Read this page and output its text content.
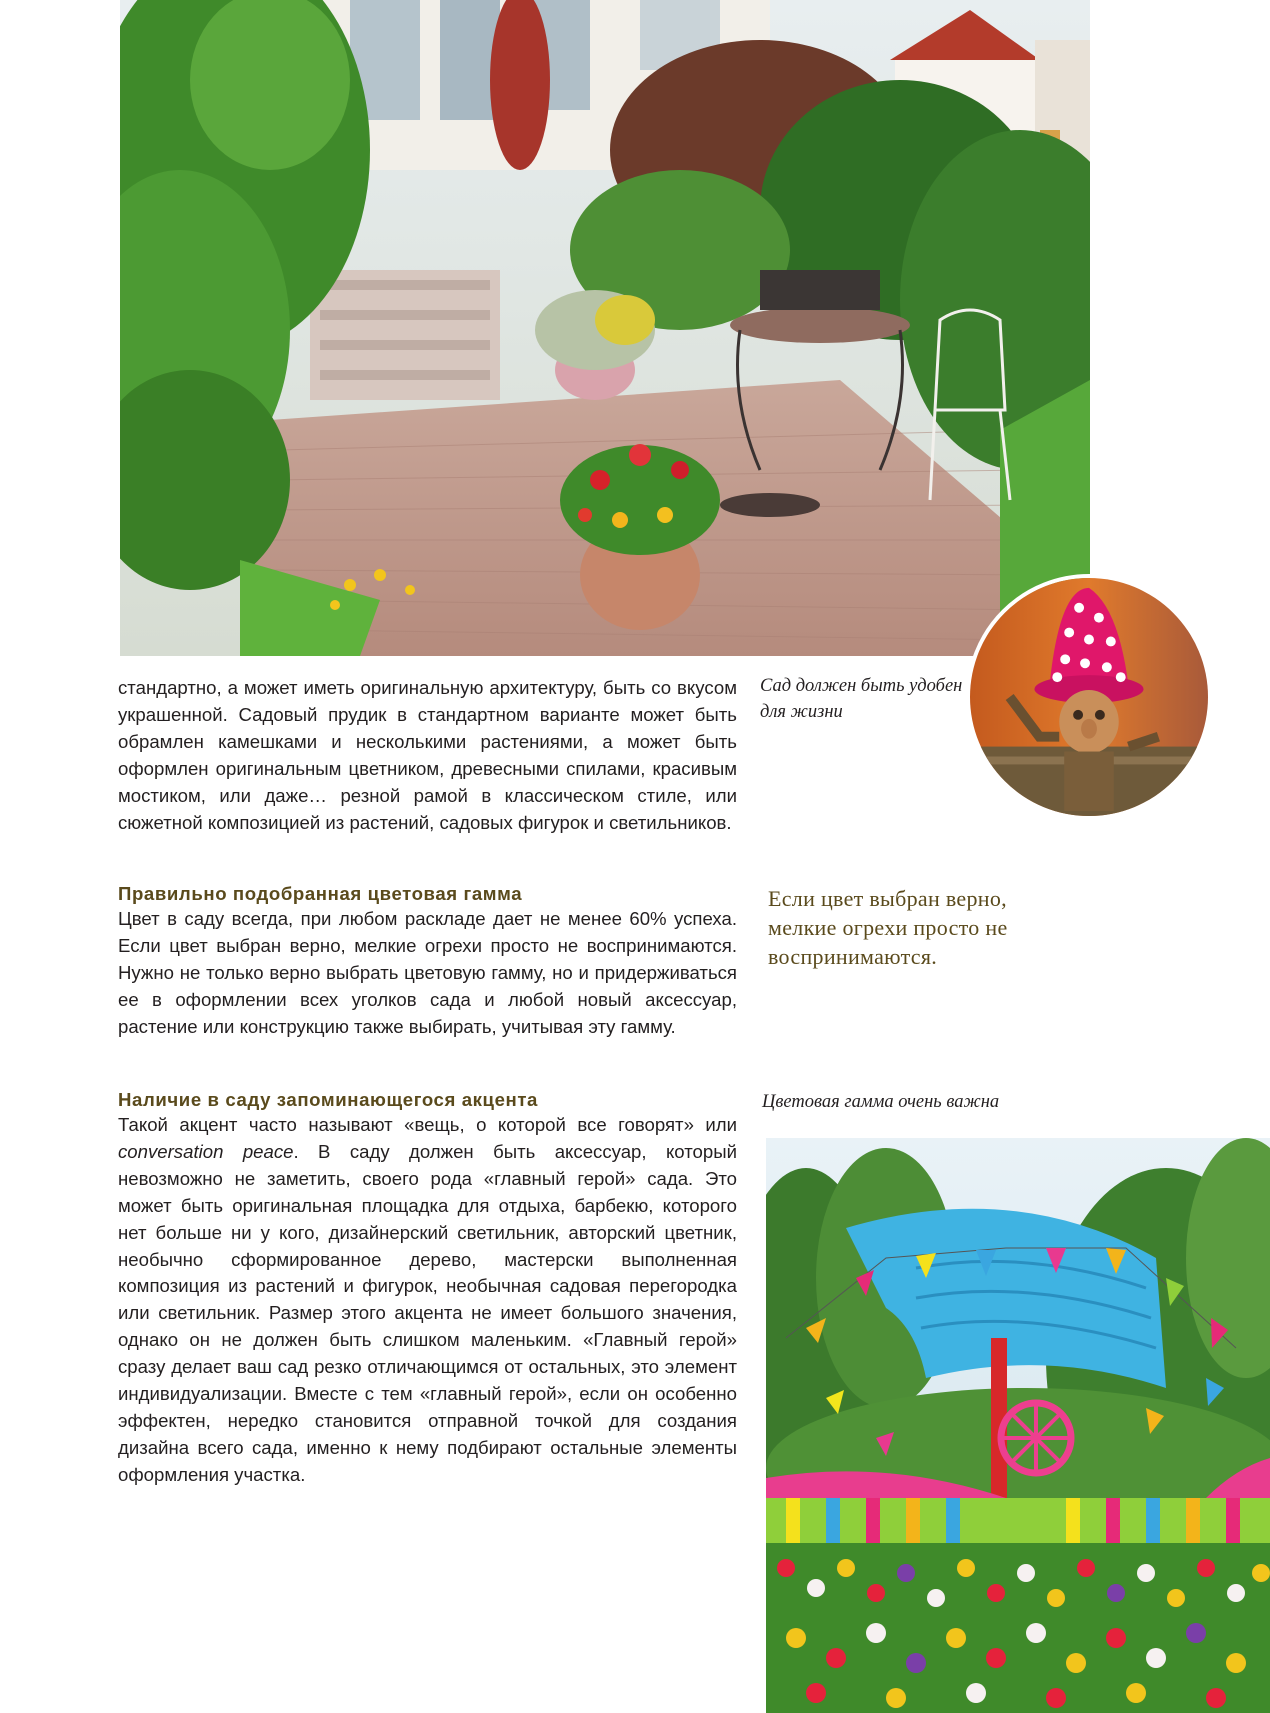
Сад должен быть удобен для жизни

стандартно, а может иметь оригинальную архитектуру, быть со вкусом украшенной. Садовый прудик в стандартном варианте может быть обрамлен камешками и несколькими растениями, а может быть оформлен оригинальным цветником, древесными спилами, красивым мостиком, или даже… резной рамой в классическом стиле, или сюжетной композицией из растений, садовых фигурок и светильников.

Правильно подобранная цветовая гамма

Цвет в саду всегда, при любом раскладе дает не менее 60% успеха. Если цвет выбран верно, мелкие огрехи просто не воспринимаются. Нужно не только верно выбрать цветовую гамму, но и придерживаться ее в оформлении всех уголков сада и любой новый аксессуар, растение или конструкцию также выбирать, учитывая эту гамму.

Если цвет выбран верно, мелкие огрехи просто не воспринимаются.
Наличие в саду запоминающегося акцента

Такой акцент часто называют «вещь, о которой все говорят» или conversation peace. В саду должен быть аксессуар, который невозможно не заметить, своего рода «главный герой» сада. Это может быть оригинальная площадка для отдыха, барбекю, которого нет больше ни у кого, дизайнерский светильник, авторский цветник, необычно сформированное дерево, мастерски выполненная композиция из растений и фигурок, необычная садовая перегородка или светильник. Размер этого акцента не имеет большого значения, однако он не должен быть слишком маленьким. «Главный герой» сразу делает ваш сад резко отличающимся от остальных, это элемент индивидуализации. Вместе с тем «главный герой», если он особенно эффектен, нередко становится отправной точкой для создания дизайна всего сада, именно к нему подбирают остальные элементы оформления участка.

Цветовая гамма очень важна
